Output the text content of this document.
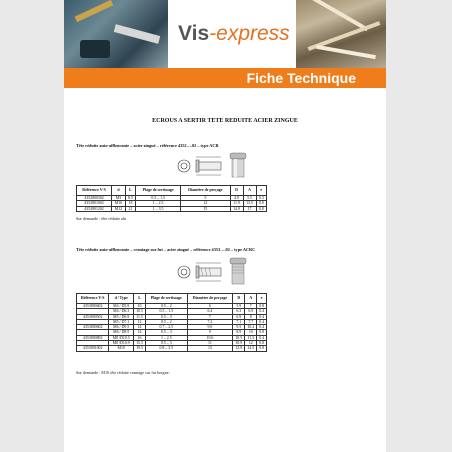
Vis-express
Fiche Technique
ECROUS A SERTIR TETE REDUITE ACIER ZINGUE
Tête réduite auto-affleurante – acier zingué – référence 4352….02 – type ACR
Référence V-S	d	L	Plage de sertissage	Diamètre de perçage	D	A	e
4352800302	M3	8.5	0.5 – 1.5	5	4.9	5.5	0.3
4352801002	M10	18	1 – 2.5	12	11.9	13.5	0.8
4352801202	M12	21	1 – 3.5	15	14.9	17	0.8
Sur demande : tête réduite alu
Tête réduite auto-affleurante – crantage sur fut – acier zingué – référence 4353….02 – type ACRC
Référence V-S	d / Type	L	Plage de sertissage	Diamètre de perçage	D	A	e
4353800402	M4 / D5.9	10	0.5 – 2	6	5.9	7	0.8
	M4 / D6.3	10.5	0.5 – 1.5	6.4	6.3	6.9	0.4
4353800502	M5 / D6.9	11.5	0.5 – 3	7	6.9	8	0.4
	M5 / D7.1	12	0.5 – 2	7.2	7.1	7.7	0.4
4353800602	M6 / D9.5	14	0.7 – 2.5	9.6	9.5	10.2	0.4
	M6 / D8.9	14	0.5 – 3	9	8.9	10	0.8
4353800802	M8 /D10.5	16	1 – 2.5	10.6	10.5	11.3	0.4
	M8 /D10.9	15.5	0.5 – 3	11	10.9	12	0.8
4353801002	M10	19.5	0.8 – 3.5	13	12.9	14.5	0.8
Sur demande : M10 tête réduite crantage sur fut borgne.
